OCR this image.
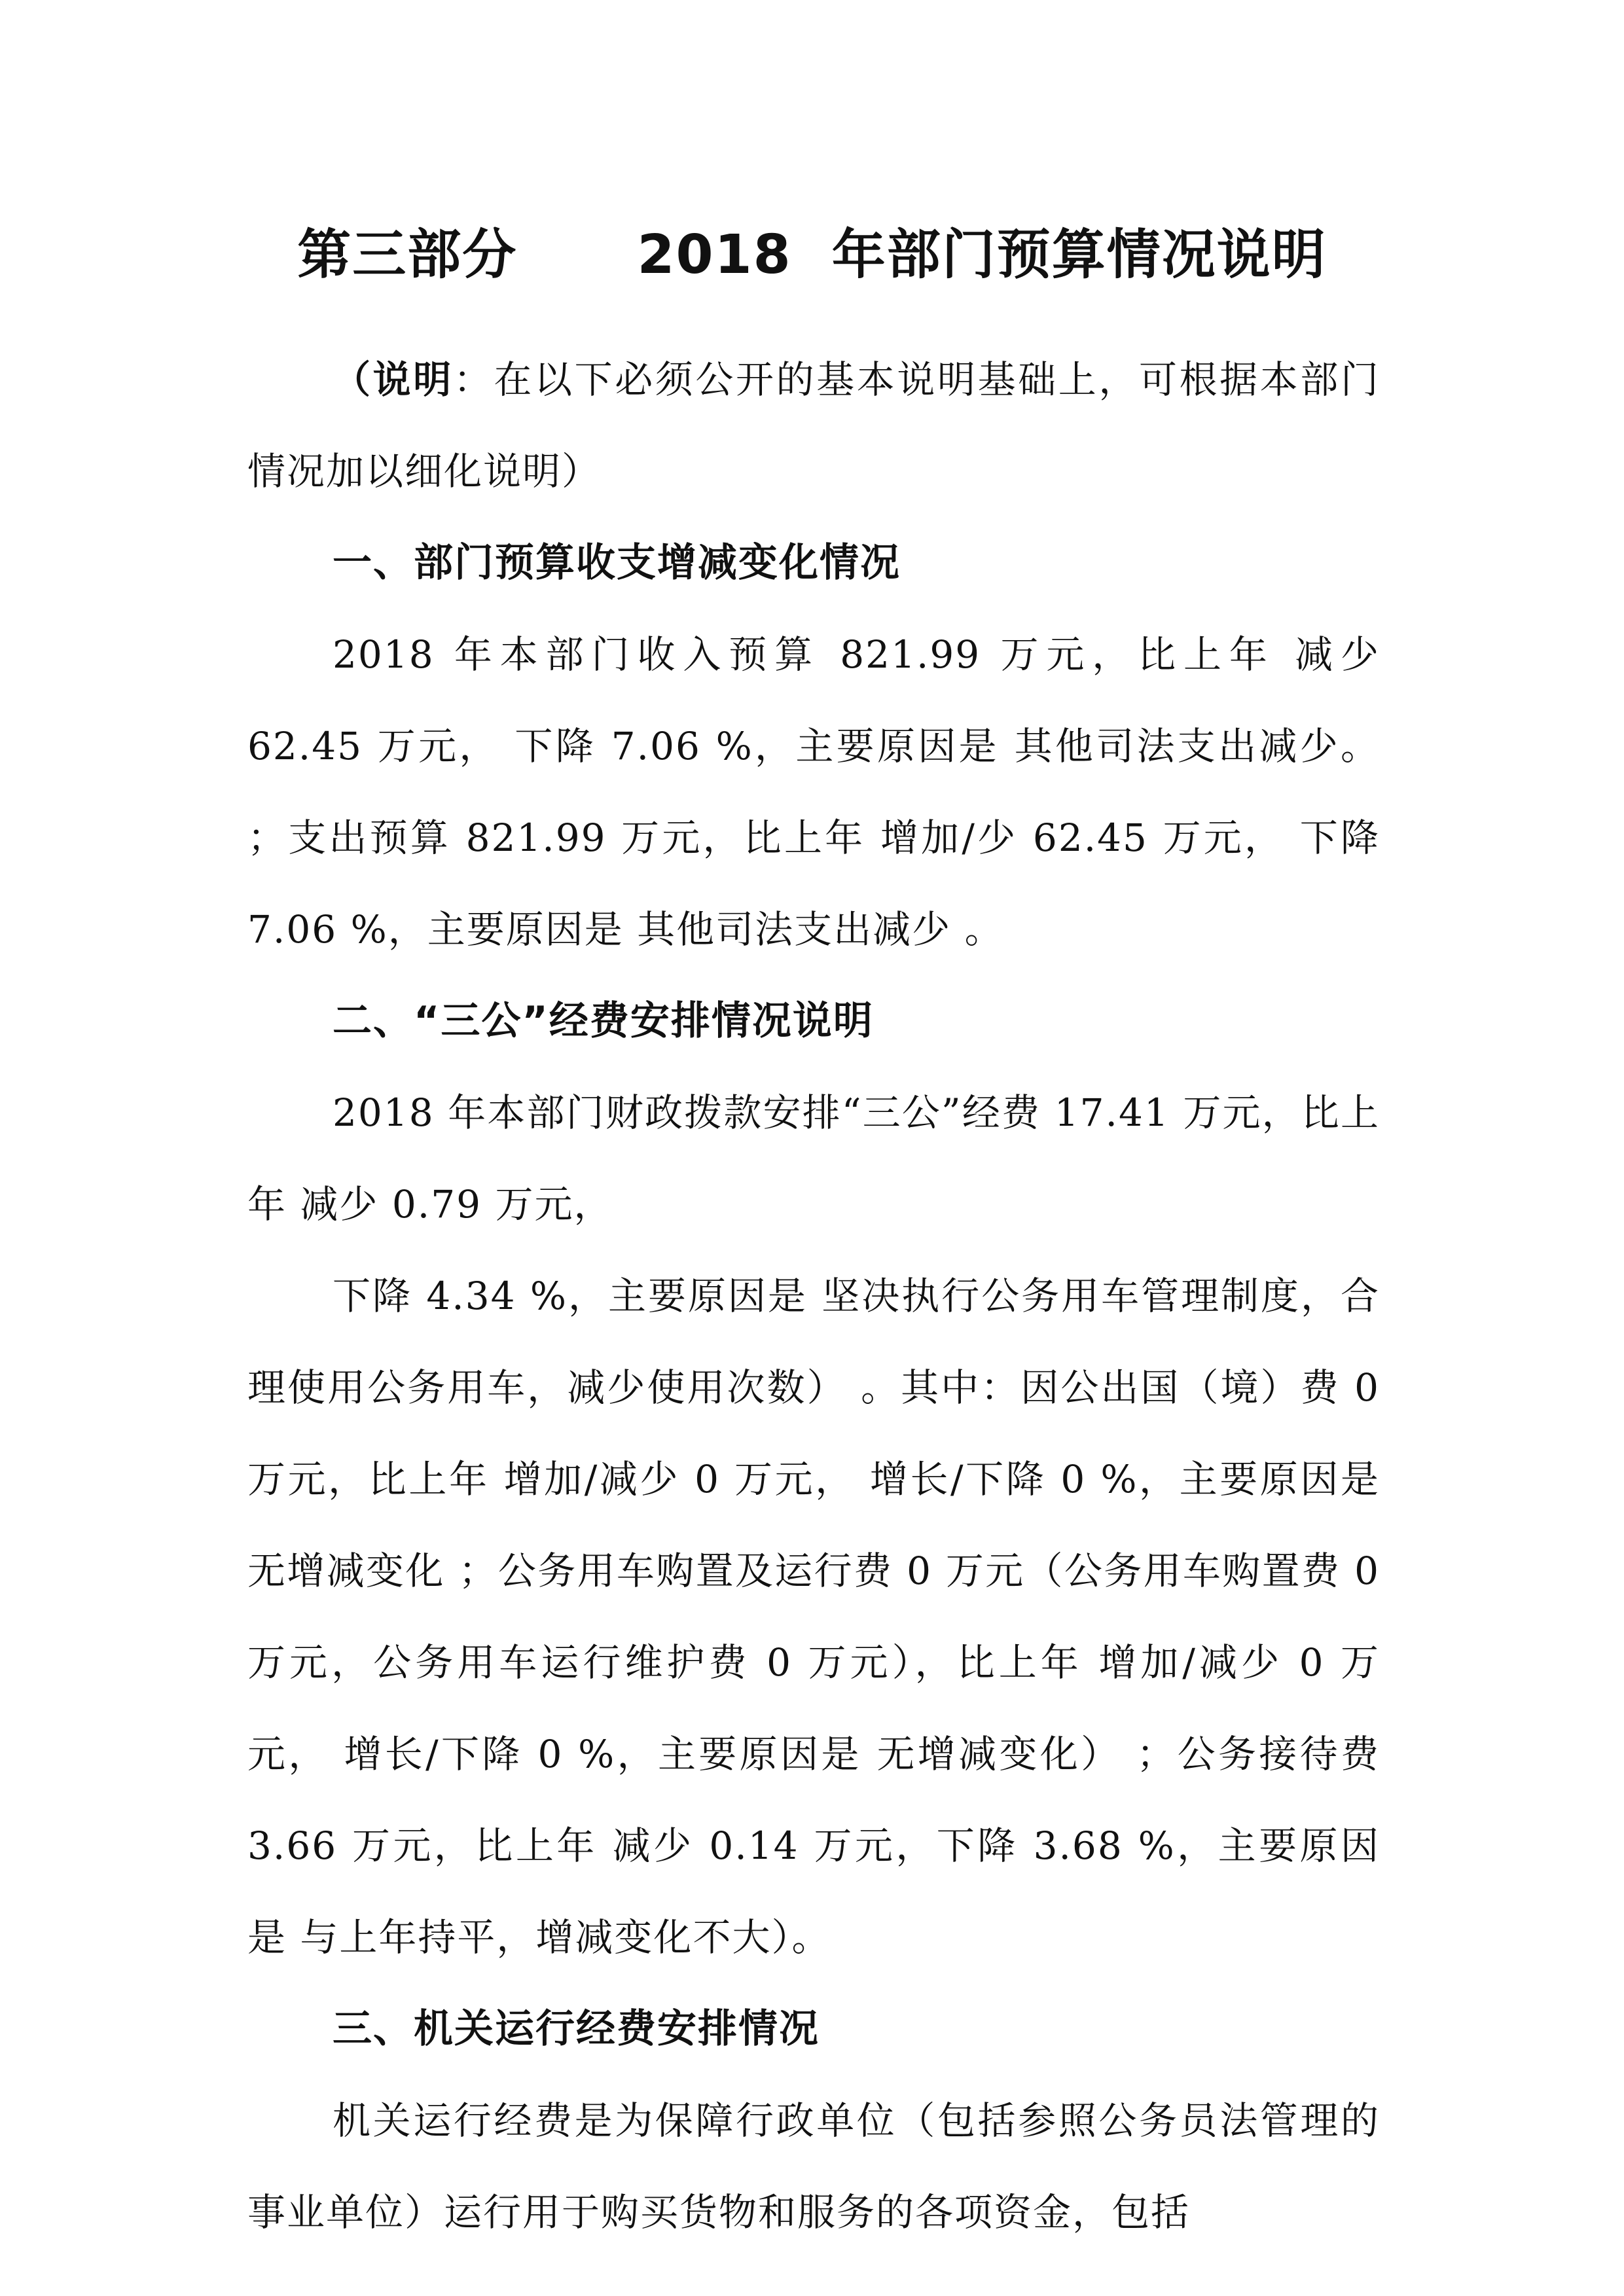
第三部分      2018  年部门预算情况说明

（说明：在以下必须公开的基本说明基础上，可根据本部门情况加以细化说明）

一、部门预算收支增减变化情况

2018 年本部门收入预算 821.99 万元，比上年 减少 62.45 万元， 下降 7.06 %，主要原因是 其他司法支出减少。 ；支出预算 821.99 万元，比上年 增加/少 62.45 万元， 下降 7.06 %，主要原因是 其他司法支出减少 。

二、“三公”经费安排情况说明

2018 年本部门财政拨款安排“三公”经费 17.41 万元，比上年 减少 0.79 万元，

下降 4.34 %，主要原因是 坚决执行公务用车管理制度，合理使用公务用车，减少使用次数） 。其中：因公出国（境）费 0 万元，比上年 增加/减少 0 万元， 增长/下降 0 %，主要原因是 无增减变化 ；公务用车购置及运行费 0 万元（公务用车购置费 0 万元，公务用车运行维护费 0 万元），比上年 增加/减少 0 万元， 增长/下降 0 %，主要原因是 无增减变化） ；公务接待费 3.66 万元，比上年 减少 0.14 万元，下降 3.68 %，主要原因是 与上年持平，增减变化不大）。

三、机关运行经费安排情况

机关运行经费是为保障行政单位（包括参照公务员法管理的事业单位）运行用于购买货物和服务的各项资金，包括
